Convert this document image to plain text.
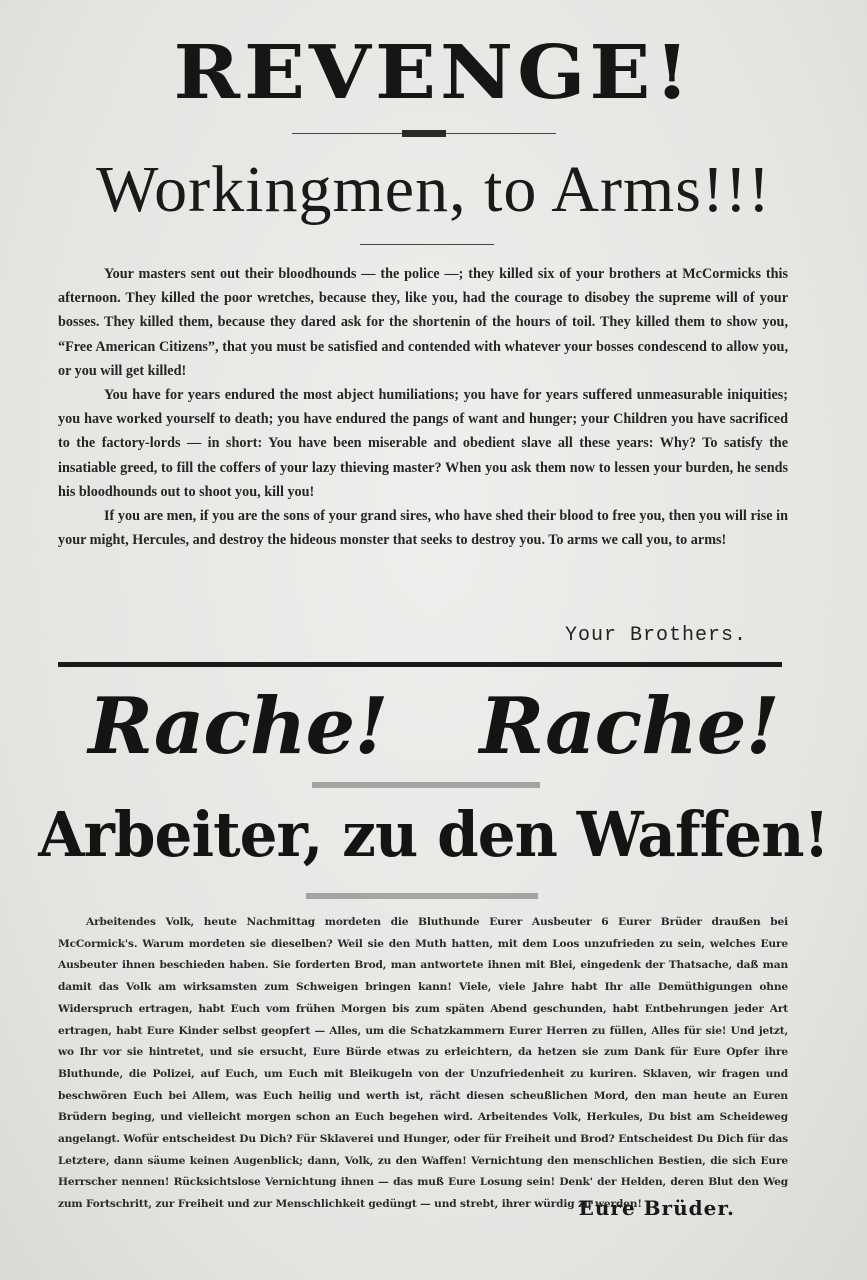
REVENGE!
Workingmen, to Arms!!!

Your masters sent out their bloodhounds — the police —; they killed six of your brothers at McCormicks this afternoon. They killed the poor wretches, because they, like you, had the courage to disobey the supreme will of your bosses. They killed them, because they dared ask for the shortenin of the hours of toil. They killed them to show you, “Free American Citizens”, that you must be satisfied and contended with whatever your bosses condescend to allow you, or you will get killed!

You have for years endured the most abject humiliations; you have for years suffered unmeasurable iniquities; you have worked yourself to death; you have endured the pangs of want and hunger; your Children you have sacrificed to the factory-lords — in short: You have been miserable and obedient slave all these years: Why? To satisfy the insatiable greed, to fill the coffers of your lazy thieving master? When you ask them now to lessen your burden, he sends his bloodhounds out to shoot you, kill you!

If you are men, if you are the sons of your grand sires, who have shed their blood to free you, then you will rise in your might, Hercules, and destroy the hideous monster that seeks to destroy you. To arms we call you, to arms!

Your Brothers.
Rache! Rache!
Arbeiter, zu den Waffen!

Arbeitendes Volk, heute Nachmittag mordeten die Bluthunde Eurer Ausbeuter 6 Eurer Brüder draußen bei McCormick's. Warum mordeten sie dieselben? Weil sie den Muth hatten, mit dem Loos unzufrieden zu sein, welches Eure Ausbeuter ihnen beschieden haben. Sie forderten Brod, man antwortete ihnen mit Blei, eingedenk der Thatsache, daß man damit das Volk am wirksamsten zum Schweigen bringen kann! Viele, viele Jahre habt Ihr alle Demüthigungen ohne Widerspruch ertragen, habt Euch vom frühen Morgen bis zum späten Abend geschunden, habt Entbehrungen jeder Art ertragen, habt Eure Kinder selbst geopfert — Alles, um die Schatzkammern Eurer Herren zu füllen, Alles für sie! Und jetzt, wo Ihr vor sie hintretet, und sie ersucht, Eure Bürde etwas zu erleichtern, da hetzen sie zum Dank für Eure Opfer ihre Bluthunde, die Polizei, auf Euch, um Euch mit Bleikugeln von der Unzufriedenheit zu kuriren. Sklaven, wir fragen und beschwören Euch bei Allem, was Euch heilig und werth ist, rächt diesen scheußlichen Mord, den man heute an Euren Brüdern beging, und vielleicht morgen schon an Euch begehen wird. Arbeitendes Volk, Herkules, Du bist am Scheideweg angelangt. Wofür entscheidest Du Dich? Für Sklaverei und Hunger, oder für Freiheit und Brod? Entscheidest Du Dich für das Letztere, dann säume keinen Augenblick; dann, Volk, zu den Waffen! Vernichtung den menschlichen Bestien, die sich Eure Herrscher nennen! Rücksichtslose Vernichtung ihnen — das muß Eure Losung sein! Denk' der Helden, deren Blut den Weg zum Fortschritt, zur Freiheit und zur Menschlichkeit gedüngt — und strebt, ihrer würdig zu werden!

Eure Brüder.
